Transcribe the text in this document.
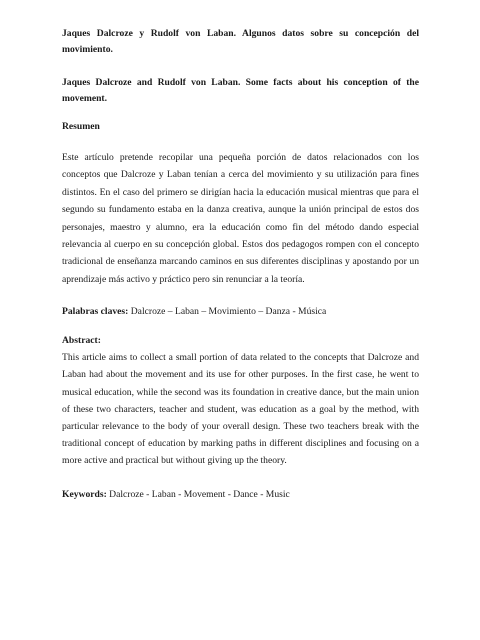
Jaques Dalcroze y Rudolf von Laban. Algunos datos sobre su concepción del movimiento.

Jaques Dalcroze and Rudolf von Laban. Some facts about his conception of the movement.

Resumen

Este artículo pretende recopilar una pequeña porción de datos relacionados con los conceptos que Dalcroze y Laban tenían a cerca del movimiento y su utilización para fines distintos. En el caso del primero se dirigían hacia la educación musical mientras que para el segundo su fundamento estaba en la danza creativa, aunque la unión principal de estos dos personajes, maestro y alumno, era la educación como fin del método dando especial relevancia al cuerpo en su concepción global. Estos dos pedagogos rompen con el concepto tradicional de enseñanza marcando caminos en sus diferentes disciplinas y apostando por un aprendizaje más activo y práctico pero sin renunciar a la teoría.

Palabras claves: Dalcroze – Laban – Movimiento – Danza - Música

Abstract:

This article aims to collect a small portion of data related to the concepts that Dalcroze and Laban had about the movement and its use for other purposes. In the first case, he went to musical education, while the second was its foundation in creative dance, but the main union of these two characters, teacher and student, was education as a goal by the method, with particular relevance to the body of your overall design. These two teachers break with the traditional concept of education by marking paths in different disciplines and focusing on a more active and practical but without giving up the theory.

Keywords: Dalcroze - Laban - Movement - Dance - Music
